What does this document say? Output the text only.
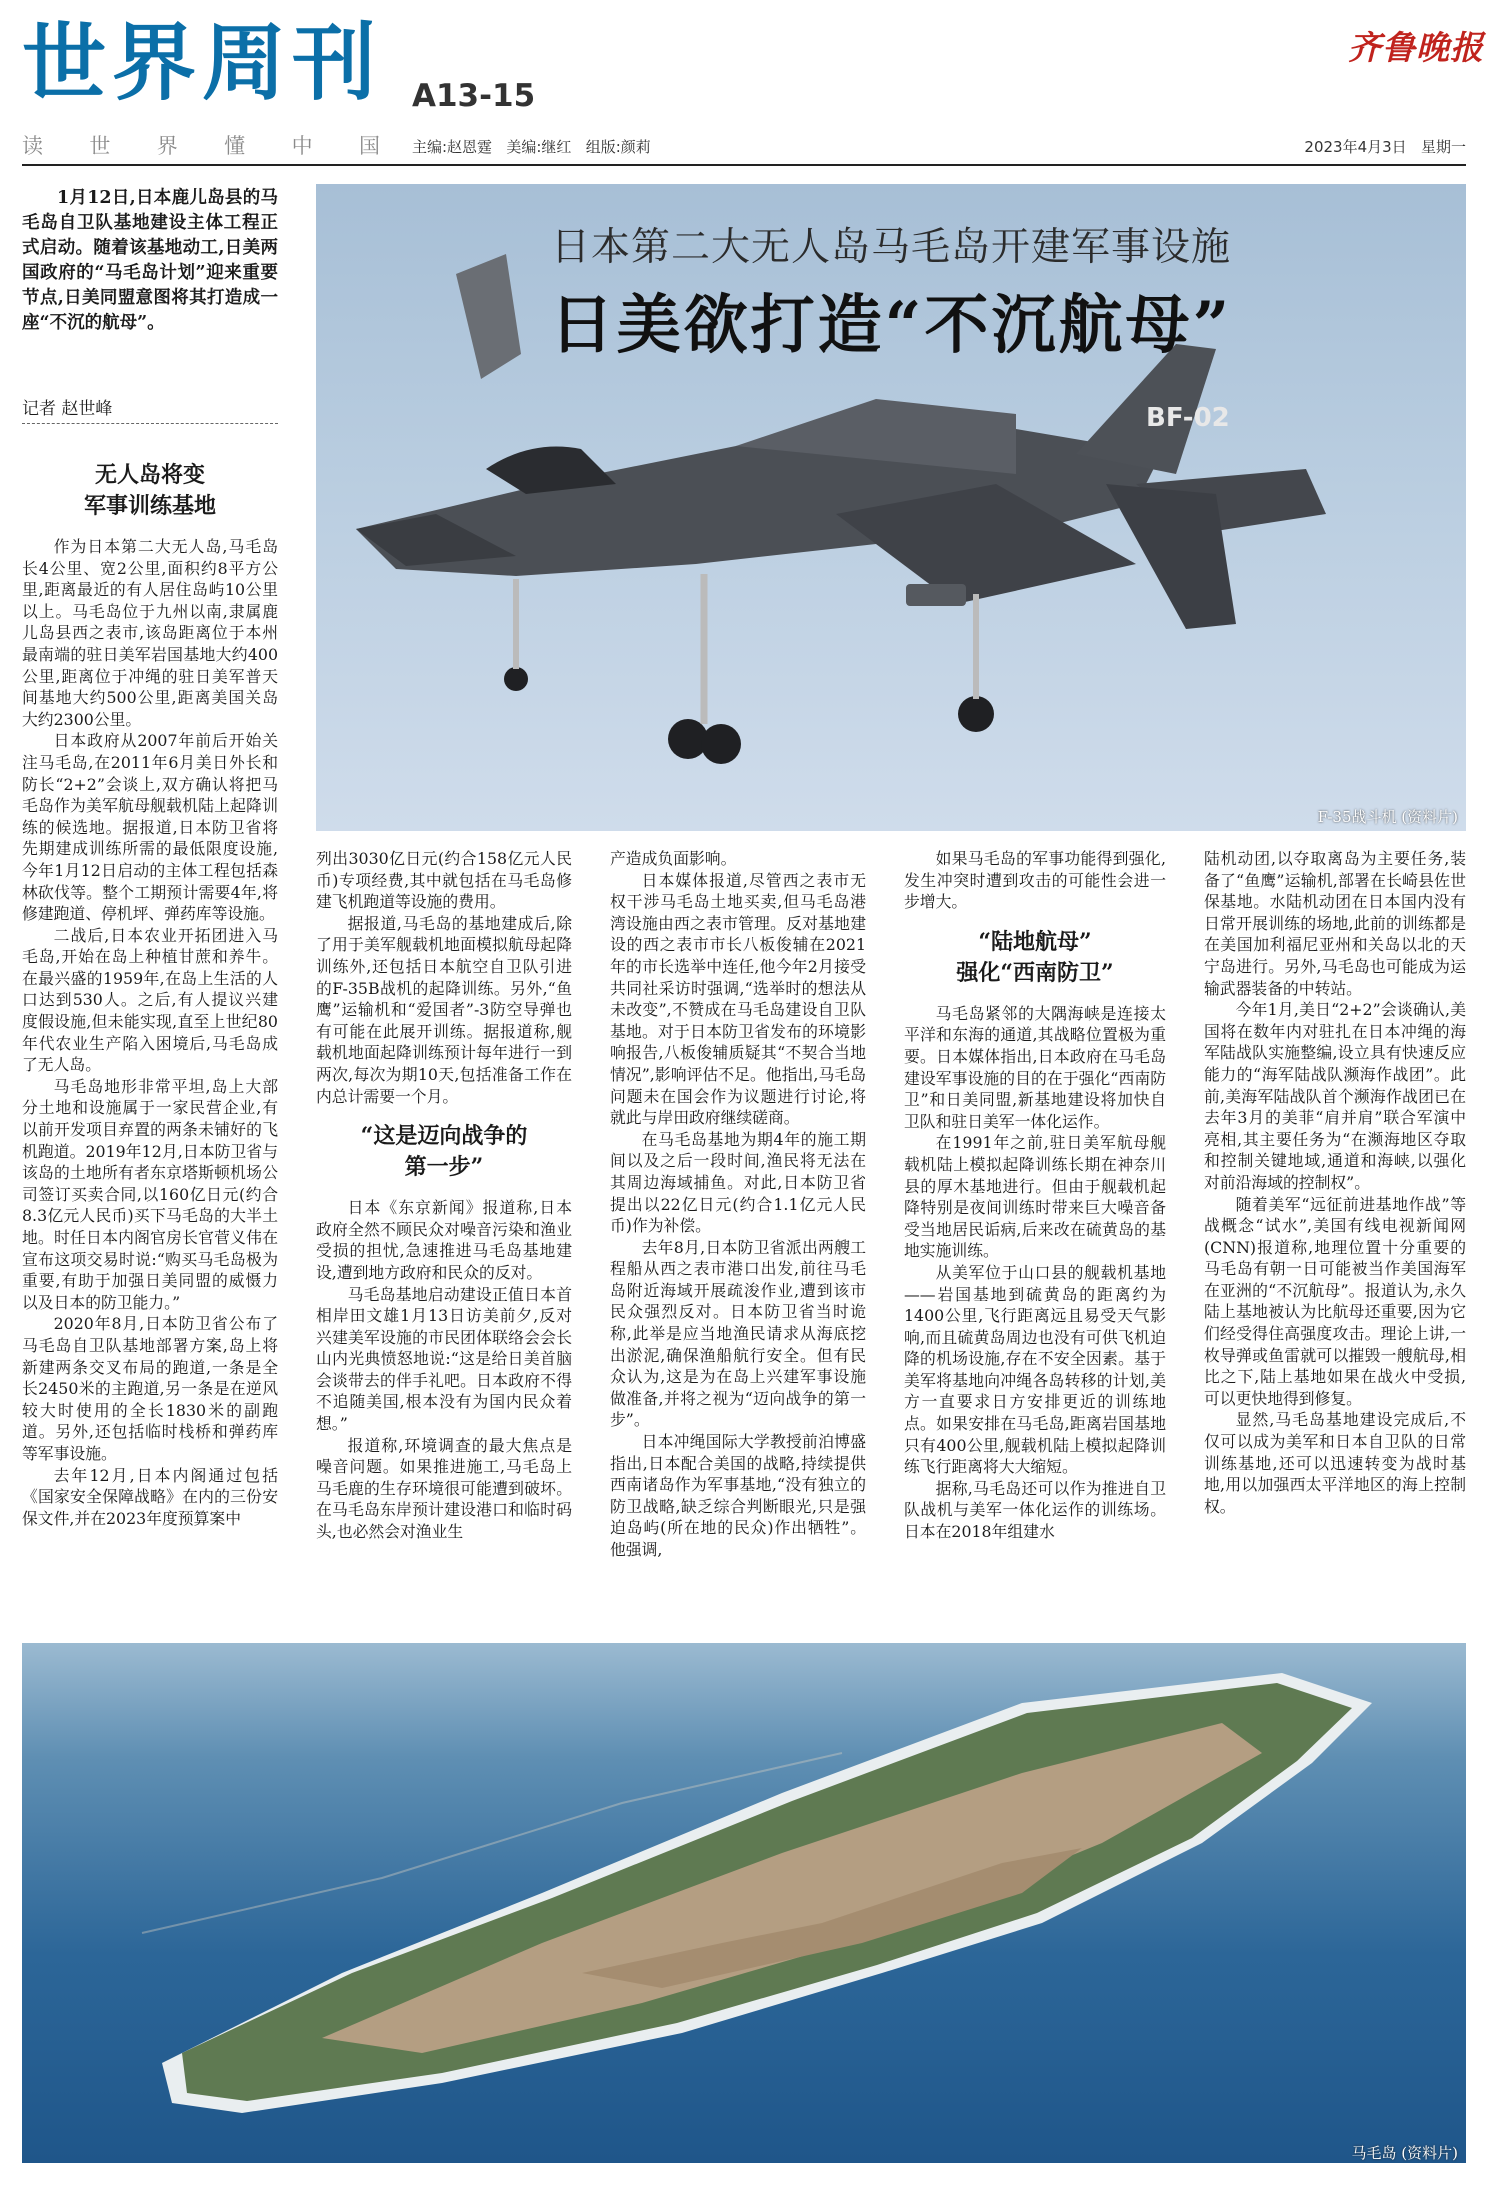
世界周刊 A13-15
齐鲁晚报
读 世 界 懂 中 国 主编:赵恩霆   美编:继红   组版:颜莉	2023年4月3日   星期一
1月12日,日本鹿儿岛县的马毛岛自卫队基地建设主体工程正式启动。随着该基地动工,日美两国政府的“马毛岛计划”迎来重要节点,日美同盟意图将其打造成一座“不沉的航母”。
记者 赵世峰	BF-02
日本第二大无人岛马毛岛开建军事设施
日美欲打造“不沉航母”
F-35战斗机 (资料片)
无人岛将变
军事训练基地

作为日本第二大无人岛,马毛岛长4公里、宽2公里,面积约8平方公里,距离最近的有人居住岛屿10公里以上。马毛岛位于九州以南,隶属鹿儿岛县西之表市,该岛距离位于本州最南端的驻日美军岩国基地大约400公里,距离位于冲绳的驻日美军普天间基地大约500公里,距离美国关岛大约2300公里。

日本政府从2007年前后开始关注马毛岛,在2011年6月美日外长和防长“2+2”会谈上,双方确认将把马毛岛作为美军航母舰载机陆上起降训练的候选地。据报道,日本防卫省将先期建成训练所需的最低限度设施,今年1月12日启动的主体工程包括森林砍伐等。整个工期预计需要4年,将修建跑道、停机坪、弹药库等设施。

二战后,日本农业开拓团进入马毛岛,开始在岛上种植甘蔗和养牛。在最兴盛的1959年,在岛上生活的人口达到530人。之后,有人提议兴建度假设施,但未能实现,直至上世纪80年代农业生产陷入困境后,马毛岛成了无人岛。

马毛岛地形非常平坦,岛上大部分土地和设施属于一家民营企业,有以前开发项目弃置的两条未铺好的飞机跑道。2019年12月,日本防卫省与该岛的土地所有者东京塔斯顿机场公司签订买卖合同,以160亿日元(约合8.3亿元人民币)买下马毛岛的大半土地。时任日本内阁官房长官菅义伟在宣布这项交易时说:“购买马毛岛极为重要,有助于加强日美同盟的威慑力以及日本的防卫能力。”

2020年8月,日本防卫省公布了马毛岛自卫队基地部署方案,岛上将新建两条交叉布局的跑道,一条是全长2450米的主跑道,另一条是在逆风较大时使用的全长1830米的副跑道。另外,还包括临时栈桥和弹药库等军事设施。

去年12月,日本内阁通过包括《国家安全保障战略》在内的三份安保文件,并在2023年度预算案中

列出3030亿日元(约合158亿元人民币)专项经费,其中就包括在马毛岛修建飞机跑道等设施的费用。

据报道,马毛岛的基地建成后,除了用于美军舰载机地面模拟航母起降训练外,还包括日本航空自卫队引进的F-35B战机的起降训练。另外,“鱼鹰”运输机和“爱国者”-3防空导弹也有可能在此展开训练。据报道称,舰载机地面起降训练预计每年进行一到两次,每次为期10天,包括准备工作在内总计需要一个月。

“这是迈向战争的
第一步”

日本《东京新闻》报道称,日本政府全然不顾民众对噪音污染和渔业受损的担忧,急速推进马毛岛基地建设,遭到地方政府和民众的反对。

马毛岛基地启动建设正值日本首相岸田文雄1月13日访美前夕,反对兴建美军设施的市民团体联络会会长山内光典愤怒地说:“这是给日美首脑会谈带去的伴手礼吧。日本政府不得不追随美国,根本没有为国内民众着想。”

报道称,环境调查的最大焦点是噪音问题。如果推进施工,马毛岛上马毛鹿的生存环境很可能遭到破坏。在马毛岛东岸预计建设港口和临时码头,也必然会对渔业生

产造成负面影响。

日本媒体报道,尽管西之表市无权干涉马毛岛土地买卖,但马毛岛港湾设施由西之表市管理。反对基地建设的西之表市市长八板俊辅在2021年的市长选举中连任,他今年2月接受共同社采访时强调,“选举时的想法从未改变”,不赞成在马毛岛建设自卫队基地。对于日本防卫省发布的环境影响报告,八板俊辅质疑其“不契合当地情况”,影响评估不足。他指出,马毛岛问题未在国会作为议题进行讨论,将就此与岸田政府继续磋商。

在马毛岛基地为期4年的施工期间以及之后一段时间,渔民将无法在其周边海域捕鱼。对此,日本防卫省提出以22亿日元(约合1.1亿元人民币)作为补偿。

去年8月,日本防卫省派出两艘工程船从西之表市港口出发,前往马毛岛附近海域开展疏浚作业,遭到该市民众强烈反对。日本防卫省当时诡称,此举是应当地渔民请求从海底挖出淤泥,确保渔船航行安全。但有民众认为,这是为在岛上兴建军事设施做准备,并将之视为“迈向战争的第一步”。

日本冲绳国际大学教授前泊博盛指出,日本配合美国的战略,持续提供西南诸岛作为军事基地,“没有独立的防卫战略,缺乏综合判断眼光,只是强迫岛屿(所在地的民众)作出牺牲”。他强调,

如果马毛岛的军事功能得到强化,发生冲突时遭到攻击的可能性会进一步增大。

“陆地航母”
强化“西南防卫”

马毛岛紧邻的大隅海峡是连接太平洋和东海的通道,其战略位置极为重要。日本媒体指出,日本政府在马毛岛建设军事设施的目的在于强化“西南防卫”和日美同盟,新基地建设将加快自卫队和驻日美军一体化运作。

在1991年之前,驻日美军航母舰载机陆上模拟起降训练长期在神奈川县的厚木基地进行。但由于舰载机起降特别是夜间训练时带来巨大噪音备受当地居民诟病,后来改在硫黄岛的基地实施训练。

从美军位于山口县的舰载机基地——岩国基地到硫黄岛的距离约为1400公里,飞行距离远且易受天气影响,而且硫黄岛周边也没有可供飞机迫降的机场设施,存在不安全因素。基于美军将基地向冲绳各岛转移的计划,美方一直要求日方安排更近的训练地点。如果安排在马毛岛,距离岩国基地只有400公里,舰载机陆上模拟起降训练飞行距离将大大缩短。

据称,马毛岛还可以作为推进自卫队战机与美军一体化运作的训练场。日本在2018年组建水

陆机动团,以夺取离岛为主要任务,装备了“鱼鹰”运输机,部署在长崎县佐世保基地。水陆机动团在日本国内没有日常开展训练的场地,此前的训练都是在美国加利福尼亚州和关岛以北的天宁岛进行。另外,马毛岛也可能成为运输武器装备的中转站。

今年1月,美日“2+2”会谈确认,美国将在数年内对驻扎在日本冲绳的海军陆战队实施整编,设立具有快速反应能力的“海军陆战队濒海作战团”。此前,美海军陆战队首个濒海作战团已在去年3月的美菲“肩并肩”联合军演中亮相,其主要任务为“在濒海地区夺取和控制关键地域,通道和海峡,以强化对前沿海域的控制权”。

随着美军“远征前进基地作战”等战概念“试水”,美国有线电视新闻网(CNN)报道称,地理位置十分重要的马毛岛有朝一日可能被当作美国海军在亚洲的“不沉航母”。报道认为,永久陆上基地被认为比航母还重要,因为它们经受得住高强度攻击。理论上讲,一枚导弹或鱼雷就可以摧毁一艘航母,相比之下,陆上基地如果在战火中受损,可以更快地得到修复。

显然,马毛岛基地建设完成后,不仅可以成为美军和日本自卫队的日常训练基地,还可以迅速转变为战时基地,用以加强西太平洋地区的海上控制权。

马毛岛 (资料片)
